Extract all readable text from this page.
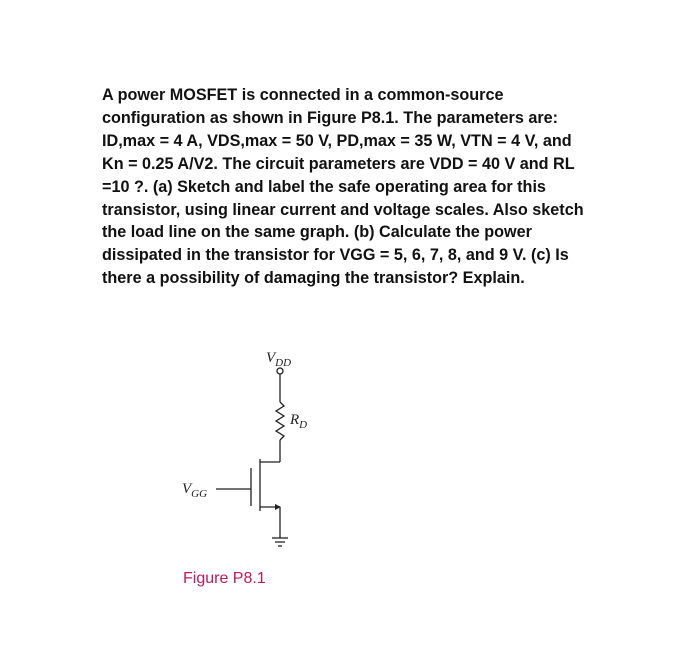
A power MOSFET is connected in a common-source configuration as shown in Figure P8.1. The parameters are: ID,max = 4 A, VDS,max = 50 V, PD,max = 35 W, VTN = 4 V, and Kn = 0.25 A/V2. The circuit parameters are VDD = 40 V and RL =10 ?. (a) Sketch and label the safe operating area for this transistor, using linear current and voltage scales. Also sketch the load line on the same graph. (b) Calculate the power dissipated in the transistor for VGG = 5, 6, 7, 8, and 9 V. (c) Is there a possibility of damaging the transistor? Explain.

$V_{DD}$
$R_D$
$V_{GG}$

Figure P8.1
